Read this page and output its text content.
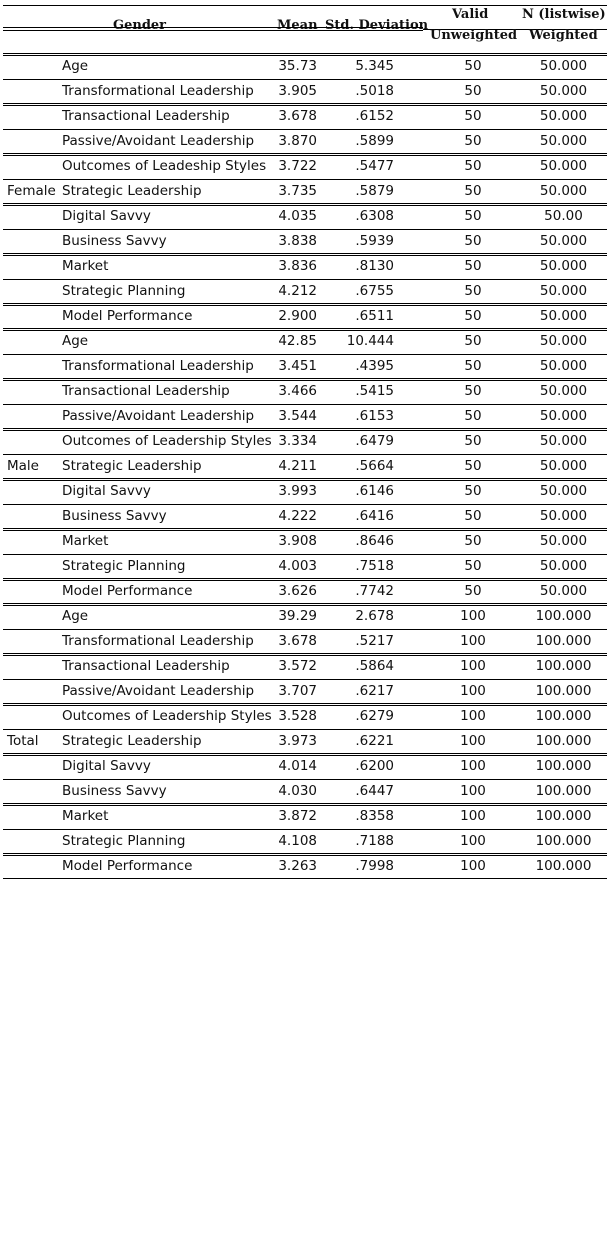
Gender	Mean Std. Deviation
Valid	N (listwise)
Unweighted Weighted
Age	35.73	5.345	50	50.000
Transformational Leadership 3.905	.5018	50	50.000
Transactional Leadership	3.678	.6152	50	50.000
Passive/Avoidant Leadership 3.870	.5899	50	50.000
Outcomes of Leadeship Styles 3.722	.5477	50	50.000
Female Strategic Leadership	3.735	.5879	50	50.000
Digital Savvy	4.035	.6308	50	50.00
Business Savvy	3.838	.5939	50	50.000
Market	3.836	.8130	50	50.000
Strategic Planning	4.212	.6755	50	50.000
Model Performance	2.900	.6511	50	50.000
Age	42.85	10.444	50	50.000
Transformational Leadership 3.451	.4395	50	50.000
Transactional Leadership	3.466	.5415	50	50.000
Passive/Avoidant Leadership 3.544	.6153	50	50.000
Outcomes of Leadership Styles 3.334	.6479	50	50.000
Male Strategic Leadership	4.211	.5664	50	50.000
Digital Savvy	3.993	.6146	50	50.000
Business Savvy	4.222	.6416	50	50.000
Market	3.908	.8646	50	50.000
Strategic Planning	4.003	.7518	50	50.000
Model Performance	3.626	.7742	50	50.000
Age	39.29	2.678	100	100.000
Transformational Leadership 3.678	.5217	100	100.000
Transactional Leadership	3.572	.5864	100	100.000
Passive/Avoidant Leadership 3.707	.6217	100	100.000
Outcomes of Leadership Styles 3.528	.6279	100	100.000
Total Strategic Leadership	3.973	.6221	100	100.000
Digital Savvy	4.014	.6200	100	100.000
Business Savvy	4.030	.6447	100	100.000
Market	3.872	.8358	100	100.000
Strategic Planning	4.108	.7188	100	100.000
Model Performance	3.263	.7998	100	100.000
